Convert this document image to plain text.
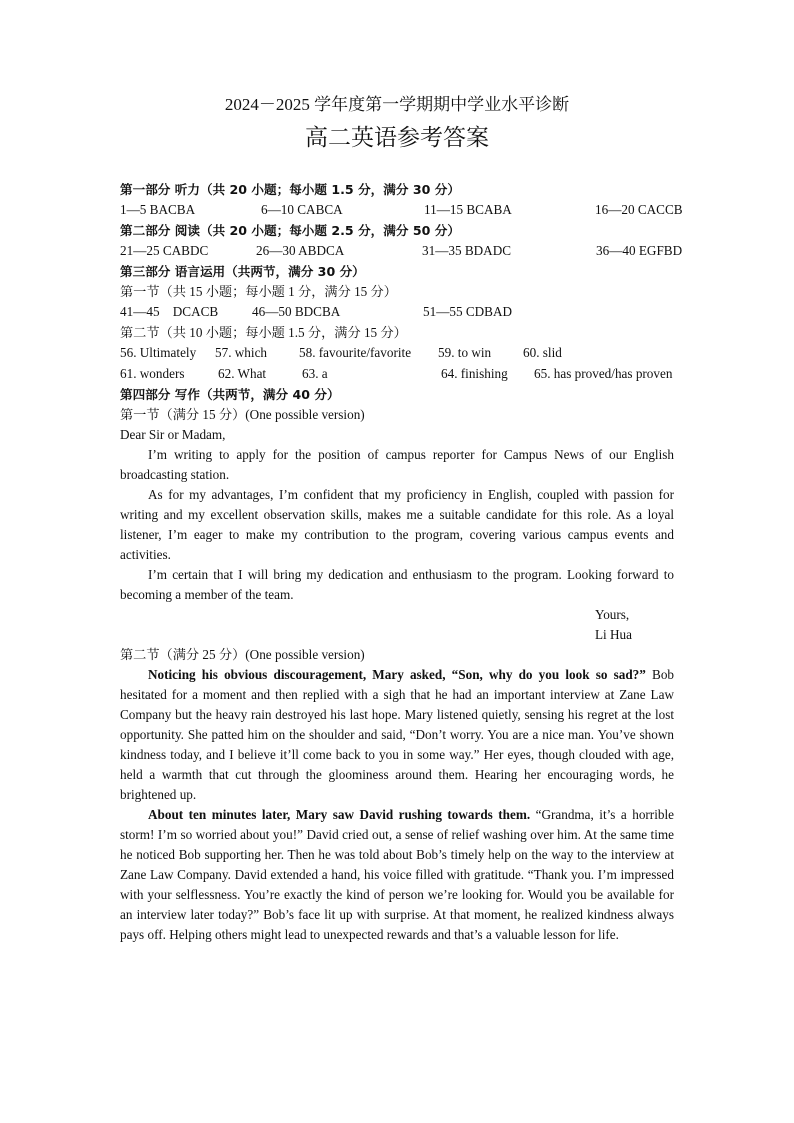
2024－2025 学年度第一学期期中学业水平诊断
高二英语参考答案
第一部分 听力（共 20 小题；每小题 1.5 分，满分 30 分）
1—5 BACBA	6—10 CABCA	11—15 BCABA	16—20 CACCB
第二部分 阅读（共 20 小题；每小题 2.5 分，满分 50 分）
21—25 CABDC	26—30 ABDCA	31—35 BDADC	36—40 EGFBD
第三部分 语言运用（共两节，满分 30 分）
第一节（共 15 小题；每小题 1 分，满分 15 分）
41—45    DCACB	46—50 BDCBA	51—55 CDBAD
第二节（共 10 小题；每小题 1.5 分，满分 15 分）
56. Ultimately 57. which 58. favourite/favorite 59. to win 60. slid
61. wonders	62. What	63. a	64. finishing 65. has proved/has proven
第四部分 写作（共两节，满分 40 分）
第一节（满分 15 分）(One possible version)
Dear Sir or Madam,

I’m writing to apply for the position of campus reporter for Campus News of our English broadcasting station.

As for my advantages, I’m confident that my proficiency in English, coupled with passion for writing and my excellent observation skills, makes me a suitable candidate for this role. As a loyal listener, I’m eager to make my contribution to the program, covering various campus events and activities.

I’m certain that I will bring my dedication and enthusiasm to the program. Looking forward to becoming a member of the team.

Yours,
Li Hua
第二节（满分 25 分）(One possible version)

Noticing his obvious discouragement, Mary asked, “Son, why do you look so sad?” Bob hesitated for a moment and then replied with a sigh that he had an important interview at Zane Law Company but the heavy rain destroyed his last hope. Mary listened quietly, sensing his regret at the lost opportunity. She patted him on the shoulder and said, “Don’t worry. You are a nice man. You’ve shown kindness today, and I believe it’ll come back to you in some way.” Her eyes, though clouded with age, held a warmth that cut through the gloominess around them. Hearing her encouraging words, he brightened up.

About ten minutes later, Mary saw David rushing towards them. “Grandma, it’s a horrible storm! I’m so worried about you!” David cried out, a sense of relief washing over him. At the same time he noticed Bob supporting her. Then he was told about Bob’s timely help on the way to the interview at Zane Law Company. David extended a hand, his voice filled with gratitude. “Thank you. I’m impressed with your selflessness. You’re exactly the kind of person we’re looking for. Would you be available for an interview later today?” Bob’s face lit up with surprise. At that moment, he realized kindness always pays off. Helping others might lead to unexpected rewards and that’s a valuable lesson for life.
